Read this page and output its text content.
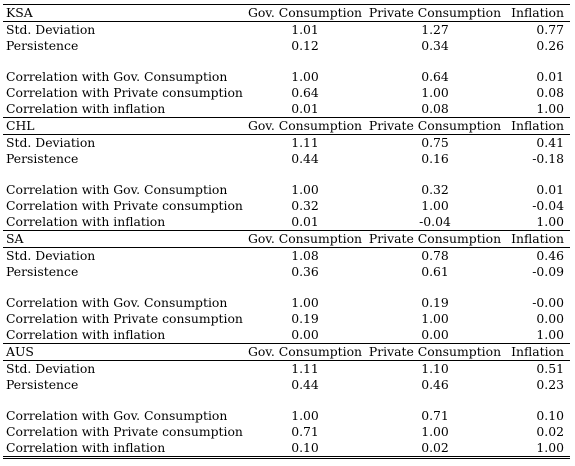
KSA	Gov. Consumption	Private Consumption	Inflation
Std. Deviation	1.01	1.27	0.77
Persistence	0.12	0.34	0.26

Correlation with Gov. Consumption	1.00	0.64	0.01
Correlation with Private consumption	0.64	1.00	0.08
Correlation with inflation	0.01	0.08	1.00
CHL	Gov. Consumption	Private Consumption	Inflation
Std. Deviation	1.11	0.75	0.41
Persistence	0.44	0.16	-0.18

Correlation with Gov. Consumption	1.00	0.32	0.01
Correlation with Private consumption	0.32	1.00	-0.04
Correlation with inflation	0.01	-0.04	1.00
SA	Gov. Consumption	Private Consumption	Inflation
Std. Deviation	1.08	0.78	0.46
Persistence	0.36	0.61	-0.09

Correlation with Gov. Consumption	1.00	0.19	-0.00
Correlation with Private consumption	0.19	1.00	0.00
Correlation with inflation	0.00	0.00	1.00
AUS	Gov. Consumption	Private Consumption	Inflation
Std. Deviation	1.11	1.10	0.51
Persistence	0.44	0.46	0.23

Correlation with Gov. Consumption	1.00	0.71	0.10
Correlation with Private consumption	0.71	1.00	0.02
Correlation with inflation	0.10	0.02	1.00
